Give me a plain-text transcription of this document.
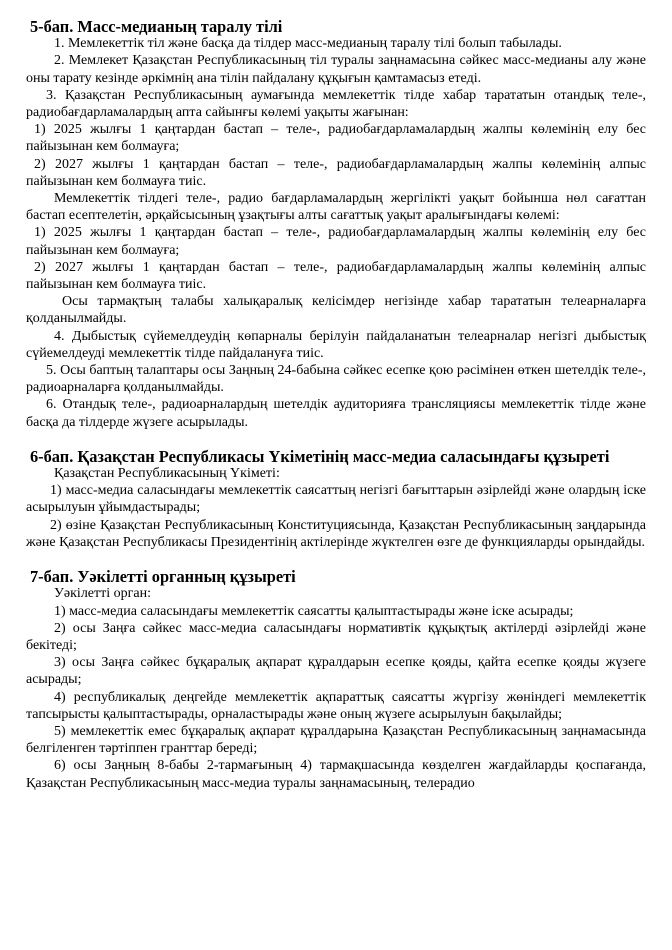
5-бап. Масс-медианың таралу тілі

1. Мемлекеттік тіл және басқа да тілдер масс-медианың таралу тілі болып табылады.

2. Мемлекет Қазақстан Республикасының тіл туралы заңнамасына сәйкес масс-медианы алу және оны тарату кезінде әркімнің ана тілін пайдалану құқығын қамтамасыз етеді.

3. Қазақстан Республикасының аумағында мемлекеттік тілде хабар тарататын отандық теле-, радиобағдарламалардың апта сайынғы көлемі уақыты жағынан:

1) 2025 жылғы 1 қаңтардан бастап – теле-, радиобағдарламалардың жалпы көлемінің елу бес пайызынан кем болмауға;

2) 2027 жылғы 1 қаңтардан бастап – теле-, радиобағдарламалардың жалпы көлемінің алпыс пайызынан кем болмауға тиіс.

Мемлекеттік тілдегі теле-, радио бағдарламалардың жергілікті уақыт бойынша нөл сағаттан бастап есептелетін, әрқайсысының ұзақтығы алты сағаттық уақыт аралығындағы көлемі:

1) 2025 жылғы 1 қаңтардан бастап – теле-, радиобағдарламалардың жалпы көлемінің елу бес пайызынан кем болмауға;

2) 2027 жылғы 1 қаңтардан бастап – теле-, радиобағдарламалардың жалпы көлемінің алпыс пайызынан кем болмауға тиіс.

Осы тармақтың талабы халықаралық келісімдер негізінде хабар тарататын телеарналарға қолданылмайды.

4. Дыбыстық сүйемелдеудің көпарналы берілуін пайдаланатын телеарналар негізгі дыбыстық сүйемелдеуді мемлекеттік тілде пайдалануға тиіс.

5. Осы баптың талаптары осы Заңның 24-бабына сәйкес есепке қою рәсімінен өткен шетелдік теле-, радиоарналарға қолданылмайды.

6. Отандық теле-, радиоарналардың шетелдік аудиторияға трансляциясы мемлекеттік тілде және басқа да тілдерде жүзеге асырылады.

6-бап. Қазақстан Республикасы Үкіметінің масс-медиа саласындағы құзыреті

Қазақстан Республикасының Үкіметі:

1) масс-медиа саласындағы мемлекеттік саясаттың негізгі бағыттарын әзірлейді және олардың іске асырылуын ұйымдастырады;

2) өзіне Қазақстан Республикасының Конституциясында, Қазақстан Республикасының заңдарында және Қазақстан Республикасы Президентінің актілерінде жүктелген өзге де функцияларды орындайды.

7-бап. Уәкілетті органның құзыреті

Уәкілетті орган:

1) масс-медиа саласындағы мемлекеттік саясатты қалыптастырады және іске асырады;

2) осы Заңға сәйкес масс-медиа саласындағы нормативтік құқықтық актілерді әзірлейді және бекітеді;

3) осы Заңға сәйкес бұқаралық ақпарат құралдарын есепке қояды, қайта есепке қояды жүзеге асырады;

4) республикалық деңгейде мемлекеттік ақпараттық саясатты жүргізу жөніндегі мемлекеттік тапсырысты қалыптастырады, орналастырады және оның жүзеге асырылуын бақылайды;

5) мемлекеттік емес бұқаралық ақпарат құралдарына Қазақстан Республикасының заңнамасында белгіленген тәртіппен гранттар береді;

6) осы Заңның 8-бабы 2-тармағының 4) тармақшасында көзделген жағдайларды қоспағанда, Қазақстан Республикасының масс-медиа туралы заңнамасының, телерадио
